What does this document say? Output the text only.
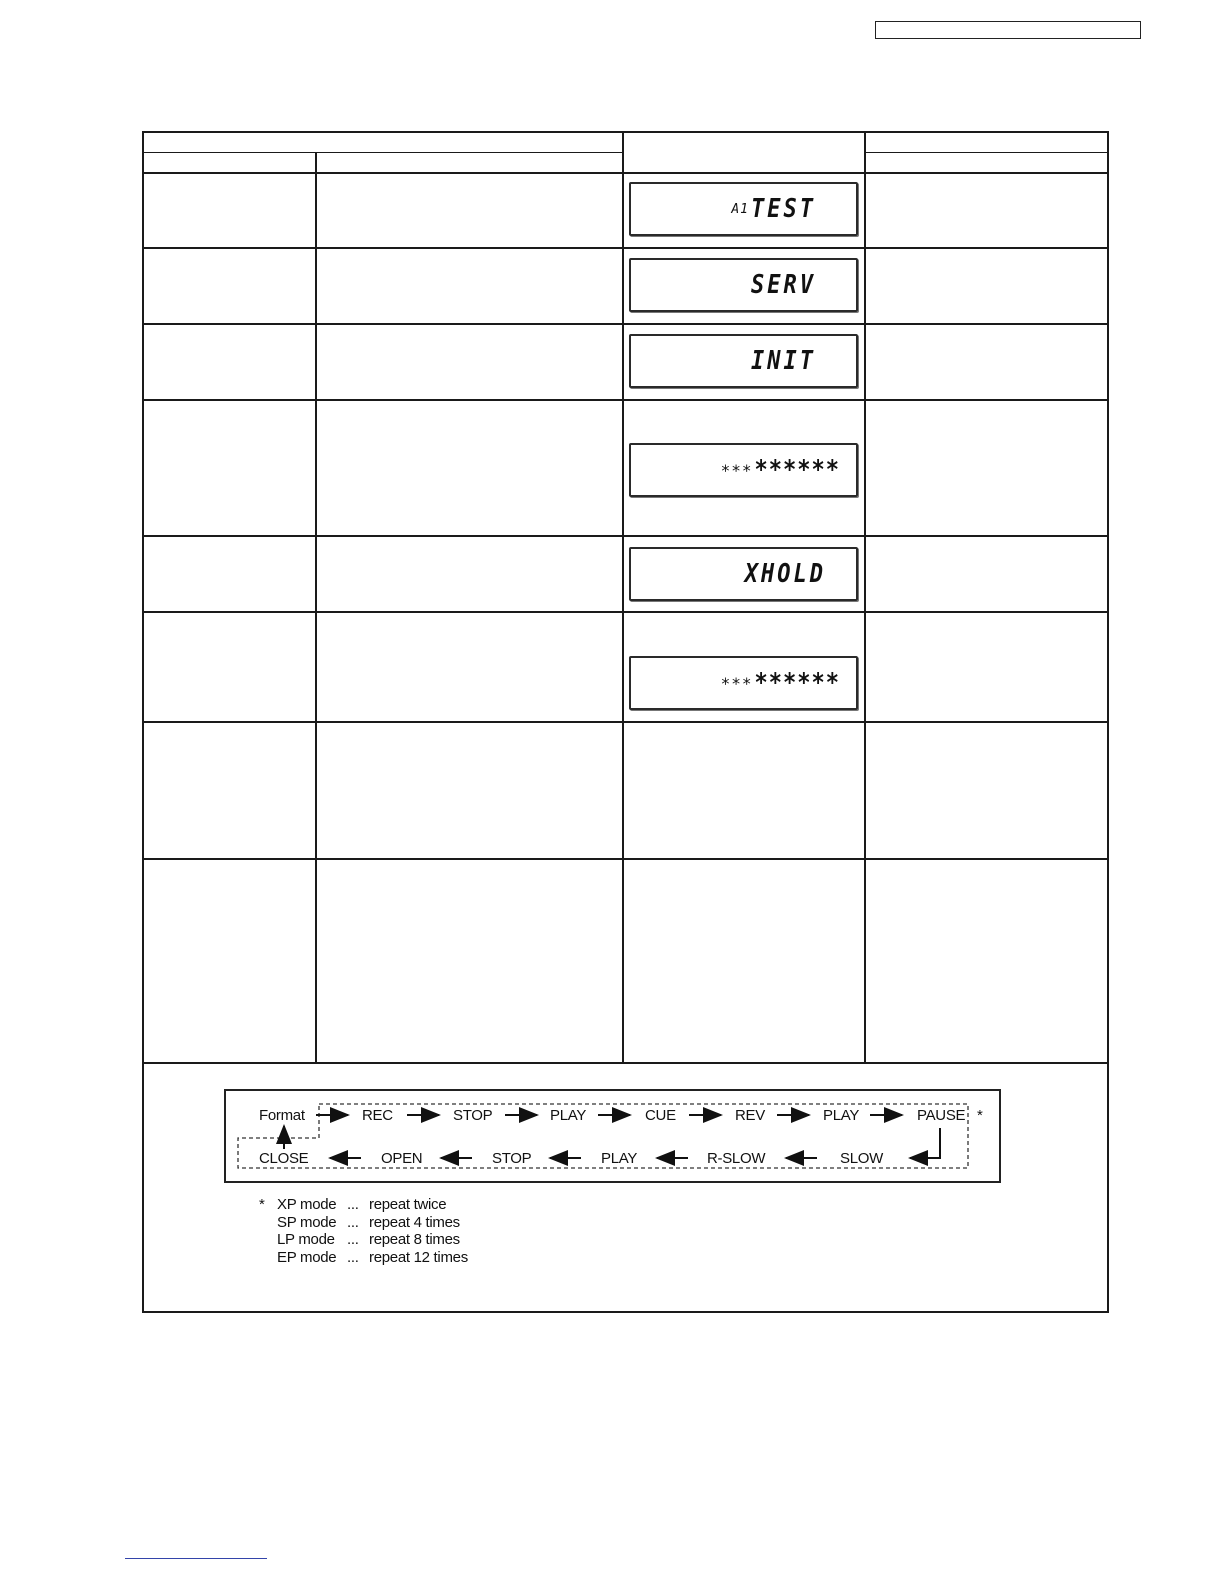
A1 TEST
SERV
INIT
*** ******
XHOLD
*** ******
Format	REC	STOP	PLAY	CUE	REV	PLAY	PAUSE *
CLOSE	OPEN	STOP	PLAY	R-SLOW	SLOW
* XP mode ... repeat twice
SP mode ... repeat 4 times
LP mode ... repeat 8 times
EP mode ... repeat 12 times
